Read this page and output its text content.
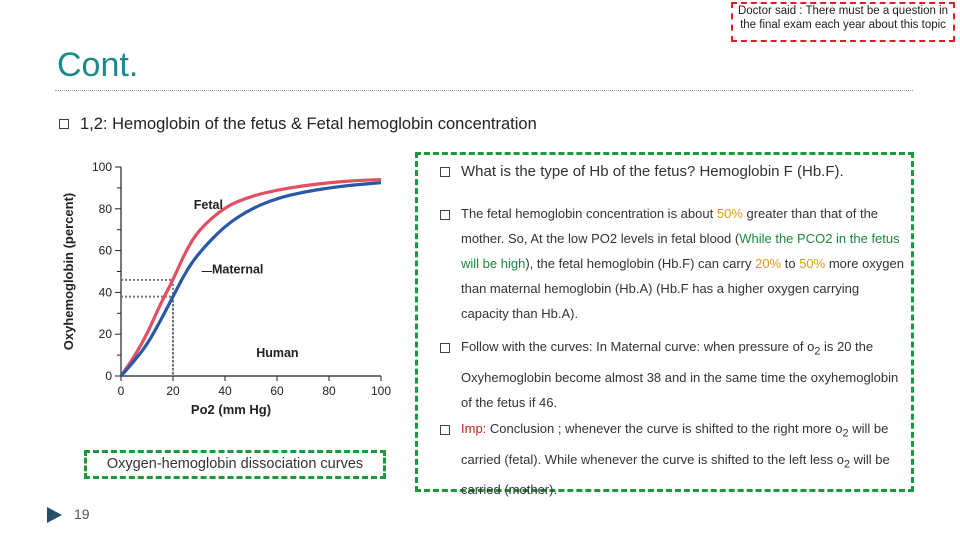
Doctor said : There must be a question in the final exam each year about this topic
Cont.
1,2: Hemoglobin of the fetus & Fetal hemoglobin concentration
0
20
40
60
80
100
0	20	40	60	80	100
Po2 (mm Hg)
Oxyhemoglobin (percent)	Fetal
Maternal
Human
Oxygen-hemoglobin dissociation curves
What is the type of Hb of the fetus? Hemoglobin F (Hb.F).
The fetal hemoglobin concentration is about 50% greater than that of the mother. So, At the low PO2 levels in fetal blood (While the PCO2 in the fetus will be high), the fetal hemoglobin (Hb.F) can carry 20% to 50% more oxygen than maternal hemoglobin (Hb.A) (Hb.F has a higher oxygen carrying capacity than Hb.A).
Follow with the curves: In Maternal curve: when pressure of $o_2$ is 20 the Oxyhemoglobin become almost 38 and in the same time the oxyhemoglobin of the fetus if 46.
Imp: Conclusion ; whenever the curve is shifted to the right more $o_2$ will be carried (fetal). While whenever the curve is shifted to the left less $o_2$ will be carried (mother).
19
